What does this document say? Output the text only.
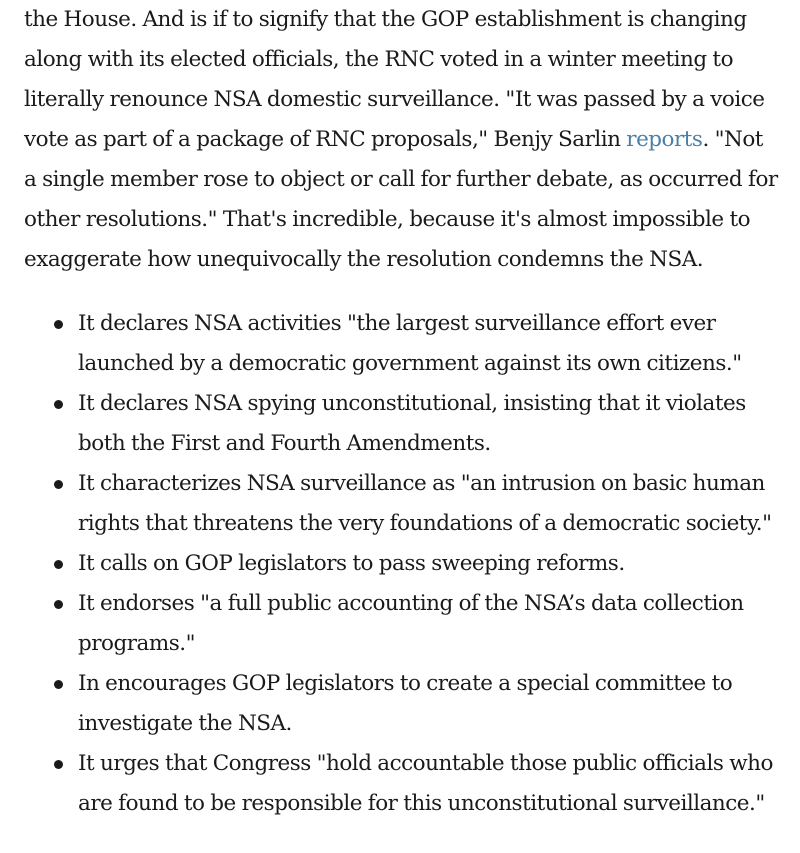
the House. And is if to signify that the GOP establishment is changing along with its elected officials, the RNC voted in a winter meeting to literally renounce NSA domestic surveillance. "It was passed by a voice vote as part of a package of RNC proposals," Benjy Sarlin reports. "Not a single member rose to object or call for further debate, as occurred for other resolutions." That's incredible, because it's almost impossible to exaggerate how unequivocally the resolution condemns the NSA.

It declares NSA activities "the largest surveillance effort ever launched by a democratic government against its own citizens."
It declares NSA spying unconstitutional, insisting that it violates both the First and Fourth Amendments.
It characterizes NSA surveillance as "an intrusion on basic human rights that threatens the very foundations of a democratic society."
It calls on GOP legislators to pass sweeping reforms.
It endorses "a full public accounting of the NSA’s data collection programs."
In encourages GOP legislators to create a special committee to investigate the NSA.
It urges that Congress "hold accountable those public officials who are found to be responsible for this unconstitutional surveillance."
